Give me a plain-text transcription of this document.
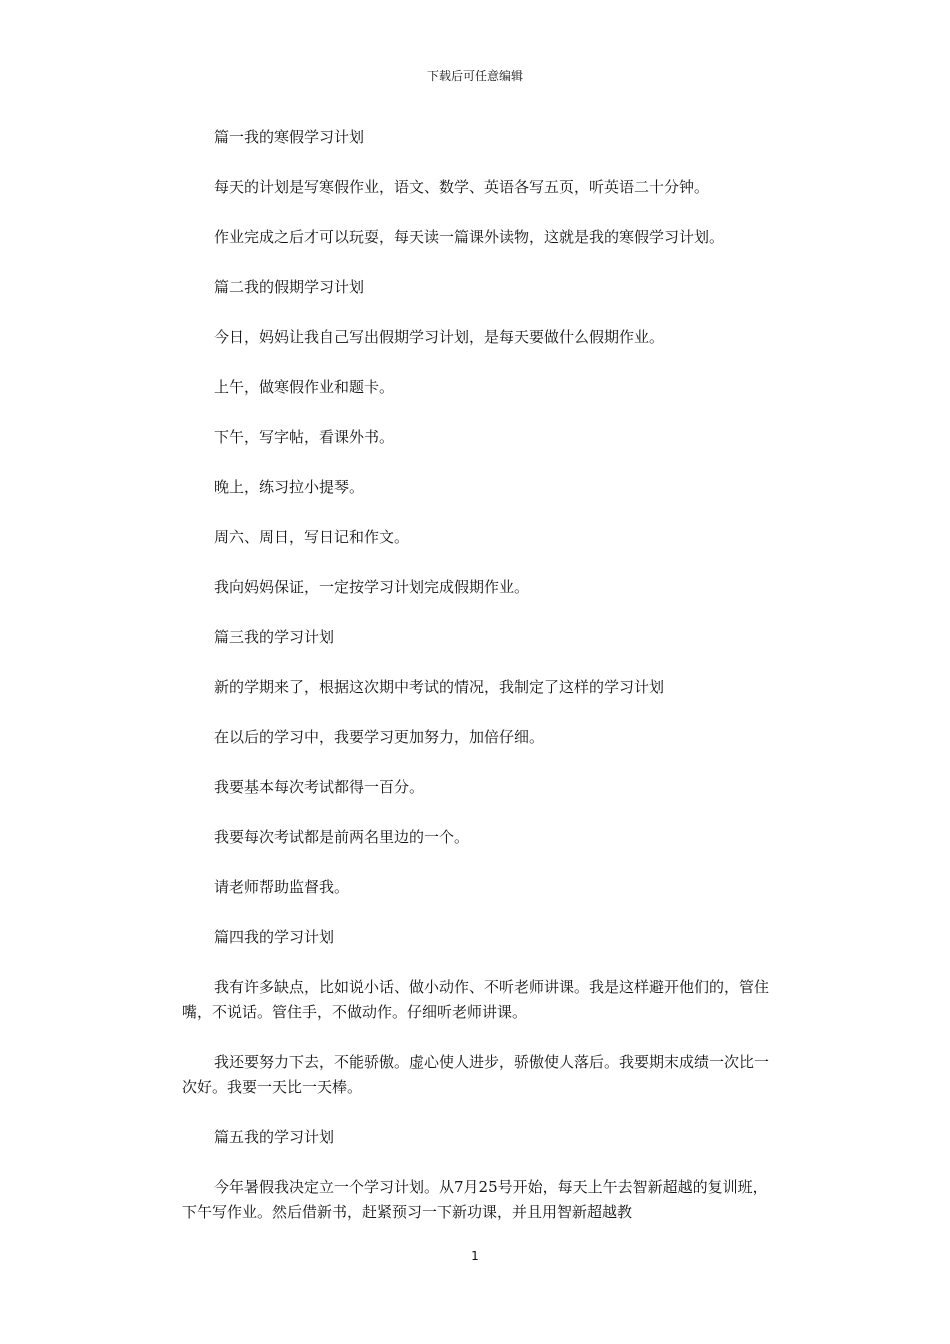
下载后可任意编辑

篇一我的寒假学习计划

每天的计划是写寒假作业，语文、数学、英语各写五页，听英语二十分钟。

作业完成之后才可以玩耍，每天读一篇课外读物，这就是我的寒假学习计划。

篇二我的假期学习计划

今日，妈妈让我自己写出假期学习计划，是每天要做什么假期作业。

上午，做寒假作业和题卡。

下午，写字帖，看课外书。

晚上，练习拉小提琴。

周六、周日，写日记和作文。

我向妈妈保证，一定按学习计划完成假期作业。

篇三我的学习计划

新的学期来了，根据这次期中考试的情况，我制定了这样的学习计划

在以后的学习中，我要学习更加努力，加倍仔细。

我要基本每次考试都得一百分。

我要每次考试都是前两名里边的一个。

请老师帮助监督我。

篇四我的学习计划

我有许多缺点，比如说小话、做小动作、不听老师讲课。我是这样避开他们的，管住嘴，不说话。管住手，不做动作。仔细听老师讲课。

我还要努力下去，不能骄傲。虚心使人进步，骄傲使人落后。我要期末成绩一次比一次好。我要一天比一天棒。

篇五我的学习计划

今年暑假我决定立一个学习计划。从7月25号开始，每天上午去智新超越的复训班，下午写作业。然后借新书，赶紧预习一下新功课，并且用智新超越教

1
